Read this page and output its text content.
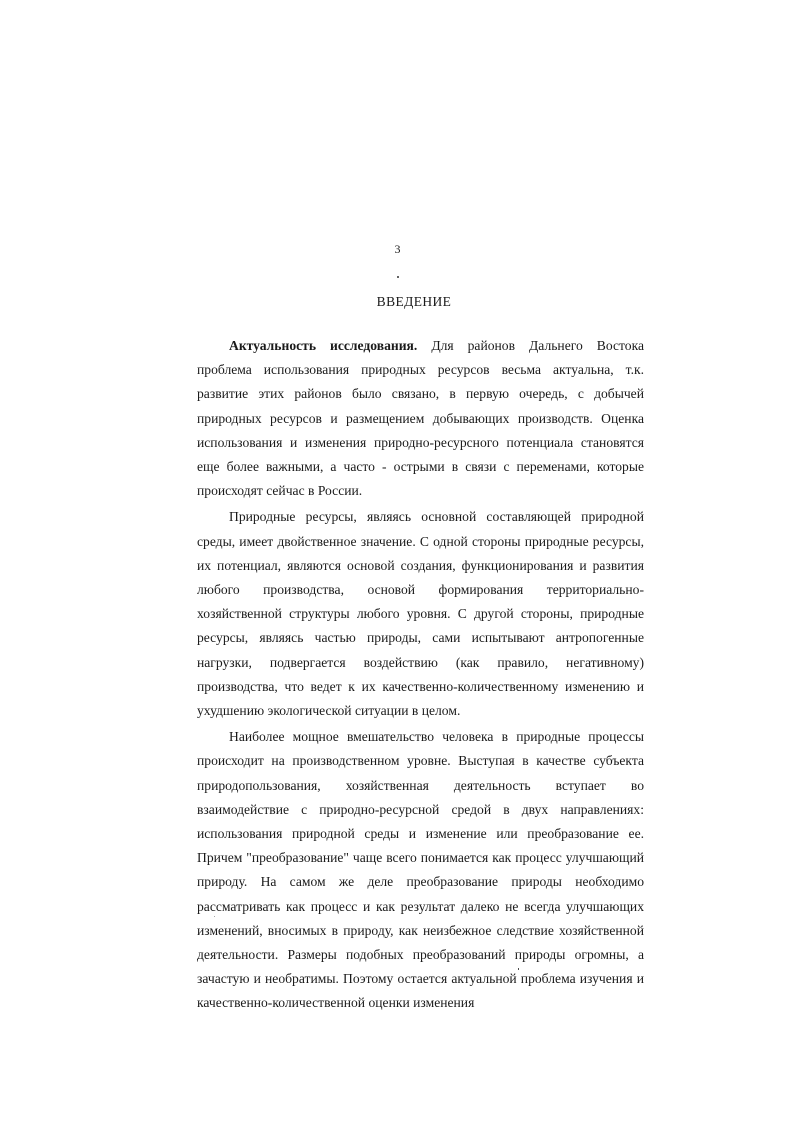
3
ВВЕДЕНИЕ

Актуальность исследования. Для районов Дальнего Востока проблема использования природных ресурсов весьма актуальна, т.к. развитие этих районов было связано, в первую очередь, с добычей природных ресурсов и размещением добывающих производств. Оценка использования и изменения природно-ресурсного потенциала становятся еще более важными, а часто - острыми в связи с переменами, которые происходят сейчас в России.

Природные ресурсы, являясь основной составляющей природной среды, имеет двойственное значение. С одной стороны природные ресурсы, их потенциал, являются основой создания, функционирования и развития любого производства, основой формирования территориально-хозяйственной структуры любого уровня. С другой стороны, природные ресурсы, являясь частью природы, сами испытывают антропогенные нагрузки, подвергается воздействию (как правило, негативному) производства, что ведет к их качественно-количественному изменению и ухудшению экологической ситуации в целом.

Наиболее мощное вмешательство человека в природные процессы происходит на производственном уровне. Выступая в качестве субъекта природопользования, хозяйственная деятельность вступает во взаимодействие с природно-ресурсной средой в двух направлениях: использования природной среды и изменение или преобразование ее. Причем "преобразование" чаще всего понимается как процесс улучшающий природу. На самом же деле преобразование природы необходимо рассматривать как процесс и как результат далеко не всегда улучшающих изменений, вносимых в природу, как неизбежное следствие хозяйственной деятельности. Размеры подобных преобразований природы огромны, а зачастую и необратимы. Поэтому остается актуальной проблема изучения и качественно-количественной оценки изменения
